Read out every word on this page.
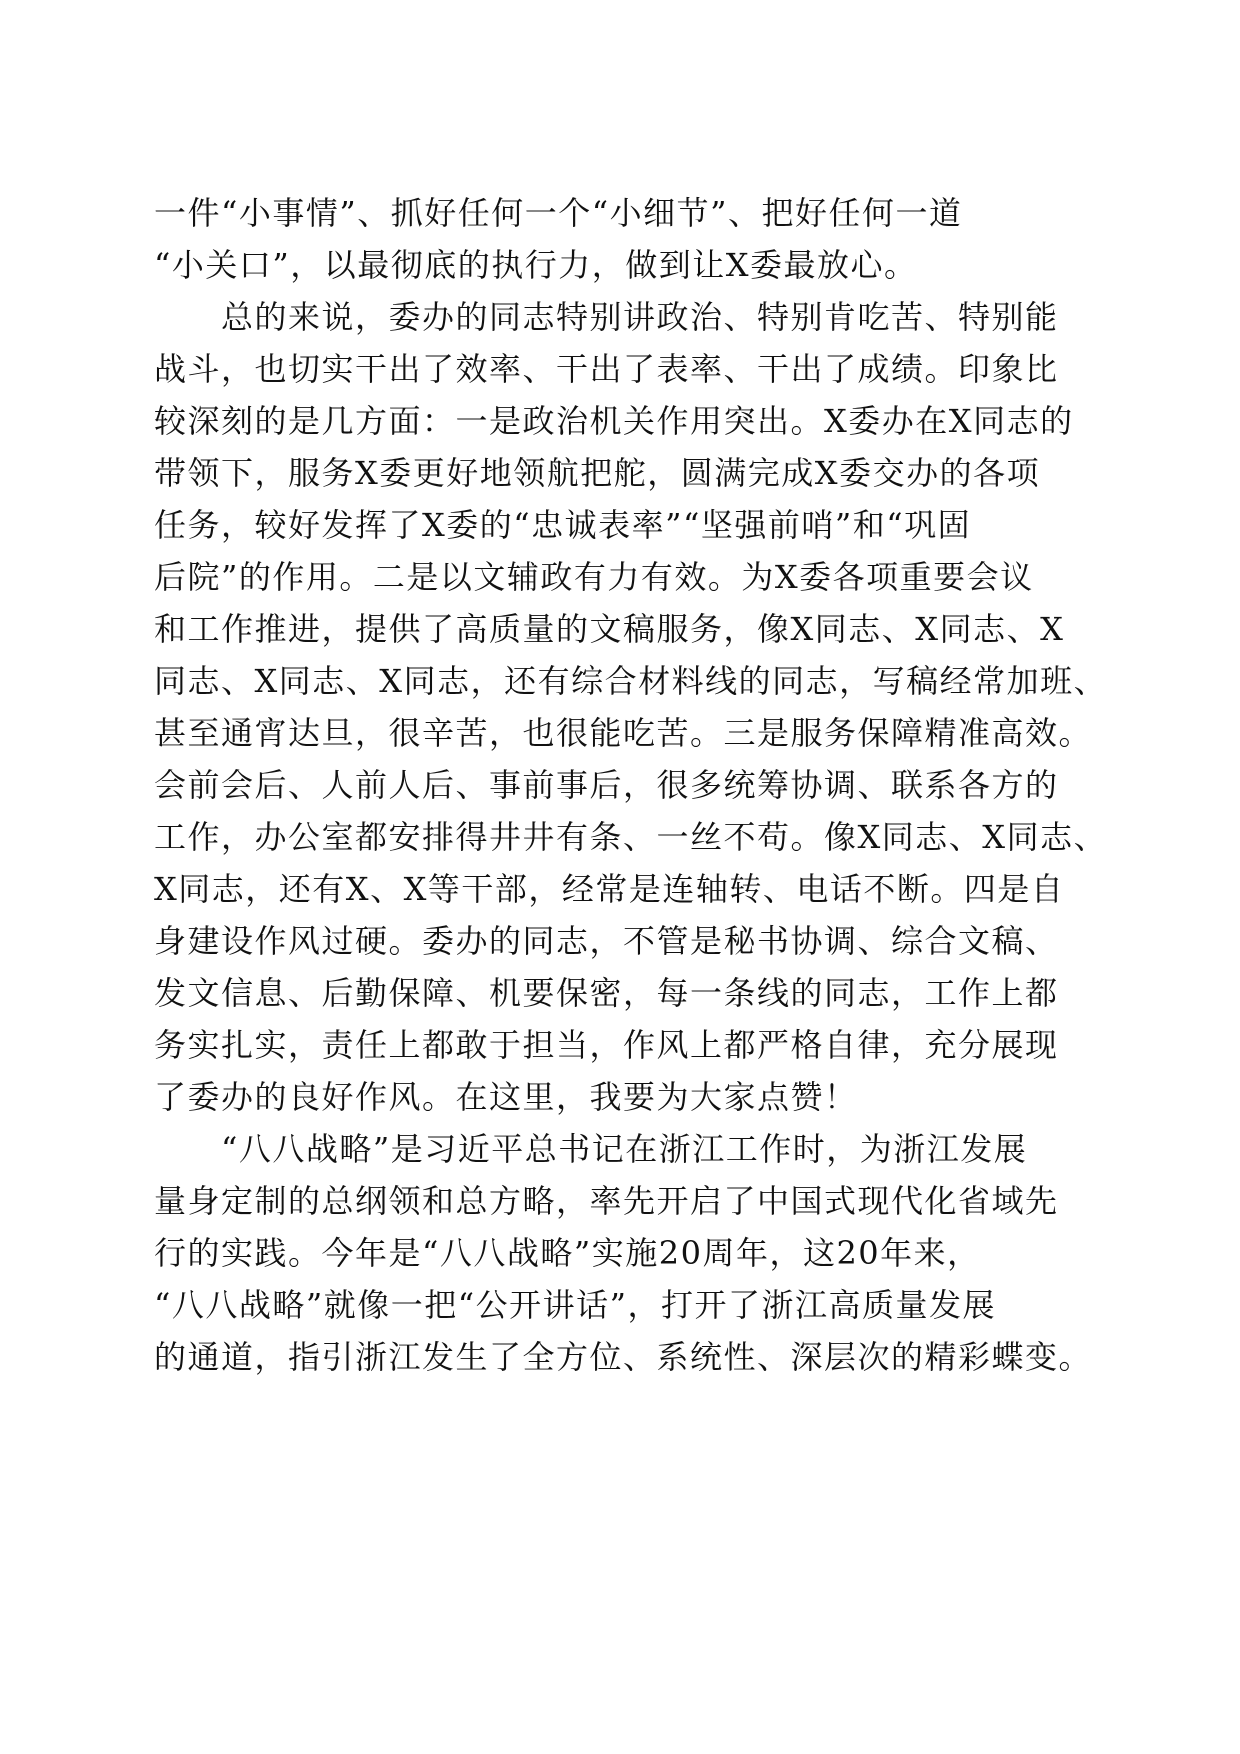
一件“小事情”、抓好任何一个“小细节”、把好任何一道
“小关口”，以最彻底的执行力，做到让X委最放心。
　　总的来说，委办的同志特别讲政治、特别肯吃苦、特别能
战斗，也切实干出了效率、干出了表率、干出了成绩。印象比
较深刻的是几方面：一是政治机关作用突出。X委办在X同志的
带领下，服务X委更好地领航把舵，圆满完成X委交办的各项
任务，较好发挥了X委的“忠诚表率”“坚强前哨”和“巩固
后院”的作用。二是以文辅政有力有效。为X委各项重要会议
和工作推进，提供了高质量的文稿服务，像X同志、X同志、X
同志、X同志、X同志，还有综合材料线的同志，写稿经常加班、
甚至通宵达旦，很辛苦，也很能吃苦。三是服务保障精准高效。
会前会后、人前人后、事前事后，很多统筹协调、联系各方的
工作，办公室都安排得井井有条、一丝不苟。像X同志、X同志、
X同志，还有X、X等干部，经常是连轴转、电话不断。四是自
身建设作风过硬。委办的同志，不管是秘书协调、综合文稿、
发文信息、后勤保障、机要保密，每一条线的同志，工作上都
务实扎实，责任上都敢于担当，作风上都严格自律，充分展现
了委办的良好作风。在这里，我要为大家点赞！
　　“八八战略”是习近平总书记在浙江工作时，为浙江发展
量身定制的总纲领和总方略，率先开启了中国式现代化省域先
行的实践。今年是“八八战略”实施20周年，这20年来，
“八八战略”就像一把“公开讲话”，打开了浙江高质量发展
的通道，指引浙江发生了全方位、系统性、深层次的精彩蝶变。
